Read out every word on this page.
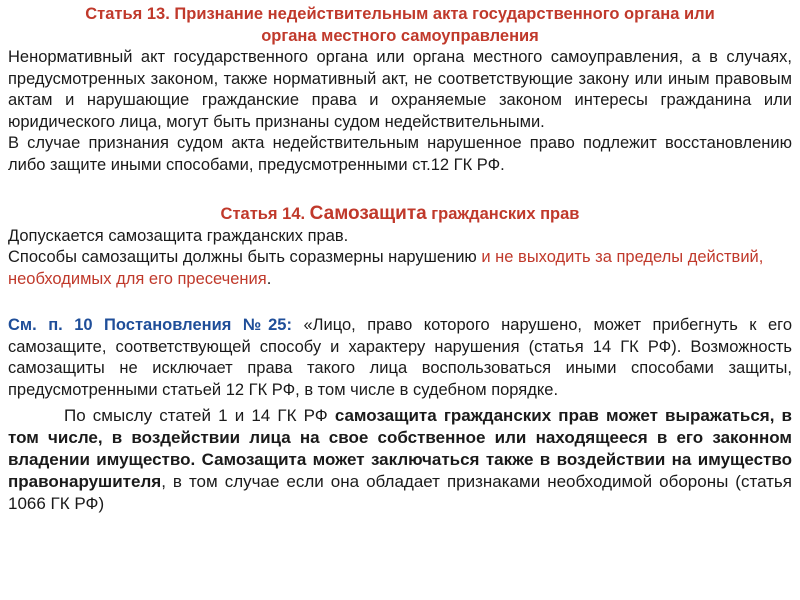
Статья 13. Признание недействительным акта государственного органа или
органа местного самоуправления

Ненормативный акт государственного органа или органа местного самоуправления, а в случаях, предусмотренных законом, также нормативный акт, не соответствующие закону или иным правовым актам и нарушающие гражданские права и охраняемые законом интересы гражданина или юридического лица, могут быть признаны судом недействительными.

В случае признания судом акта недействительным нарушенное право подлежит восстановлению либо защите иными способами, предусмотренными ст.12 ГК РФ.

Статья 14. Самозащита гражданских прав

Допускается самозащита гражданских прав.

Способы самозащиты должны быть соразмерны нарушению и не выходить за пределы действий, необходимых для его пресечения.

См. п. 10 Постановления №25: «Лицо, право которого нарушено, может прибегнуть к его самозащите, соответствующей способу и характеру нарушения (статья 14 ГК РФ). Возможность самозащиты не исключает права такого лица воспользоваться иными способами защиты, предусмотренными статьей 12 ГК РФ, в том числе в судебном порядке.

По смыслу статей 1 и 14 ГК РФ самозащита гражданских прав может выражаться, в том числе, в воздействии лица на свое собственное или находящееся в его законном владении имущество. Самозащита может заключаться также в воздействии на имущество правонарушителя, в том случае если она обладает признаками необходимой обороны (статья 1066 ГК РФ)
